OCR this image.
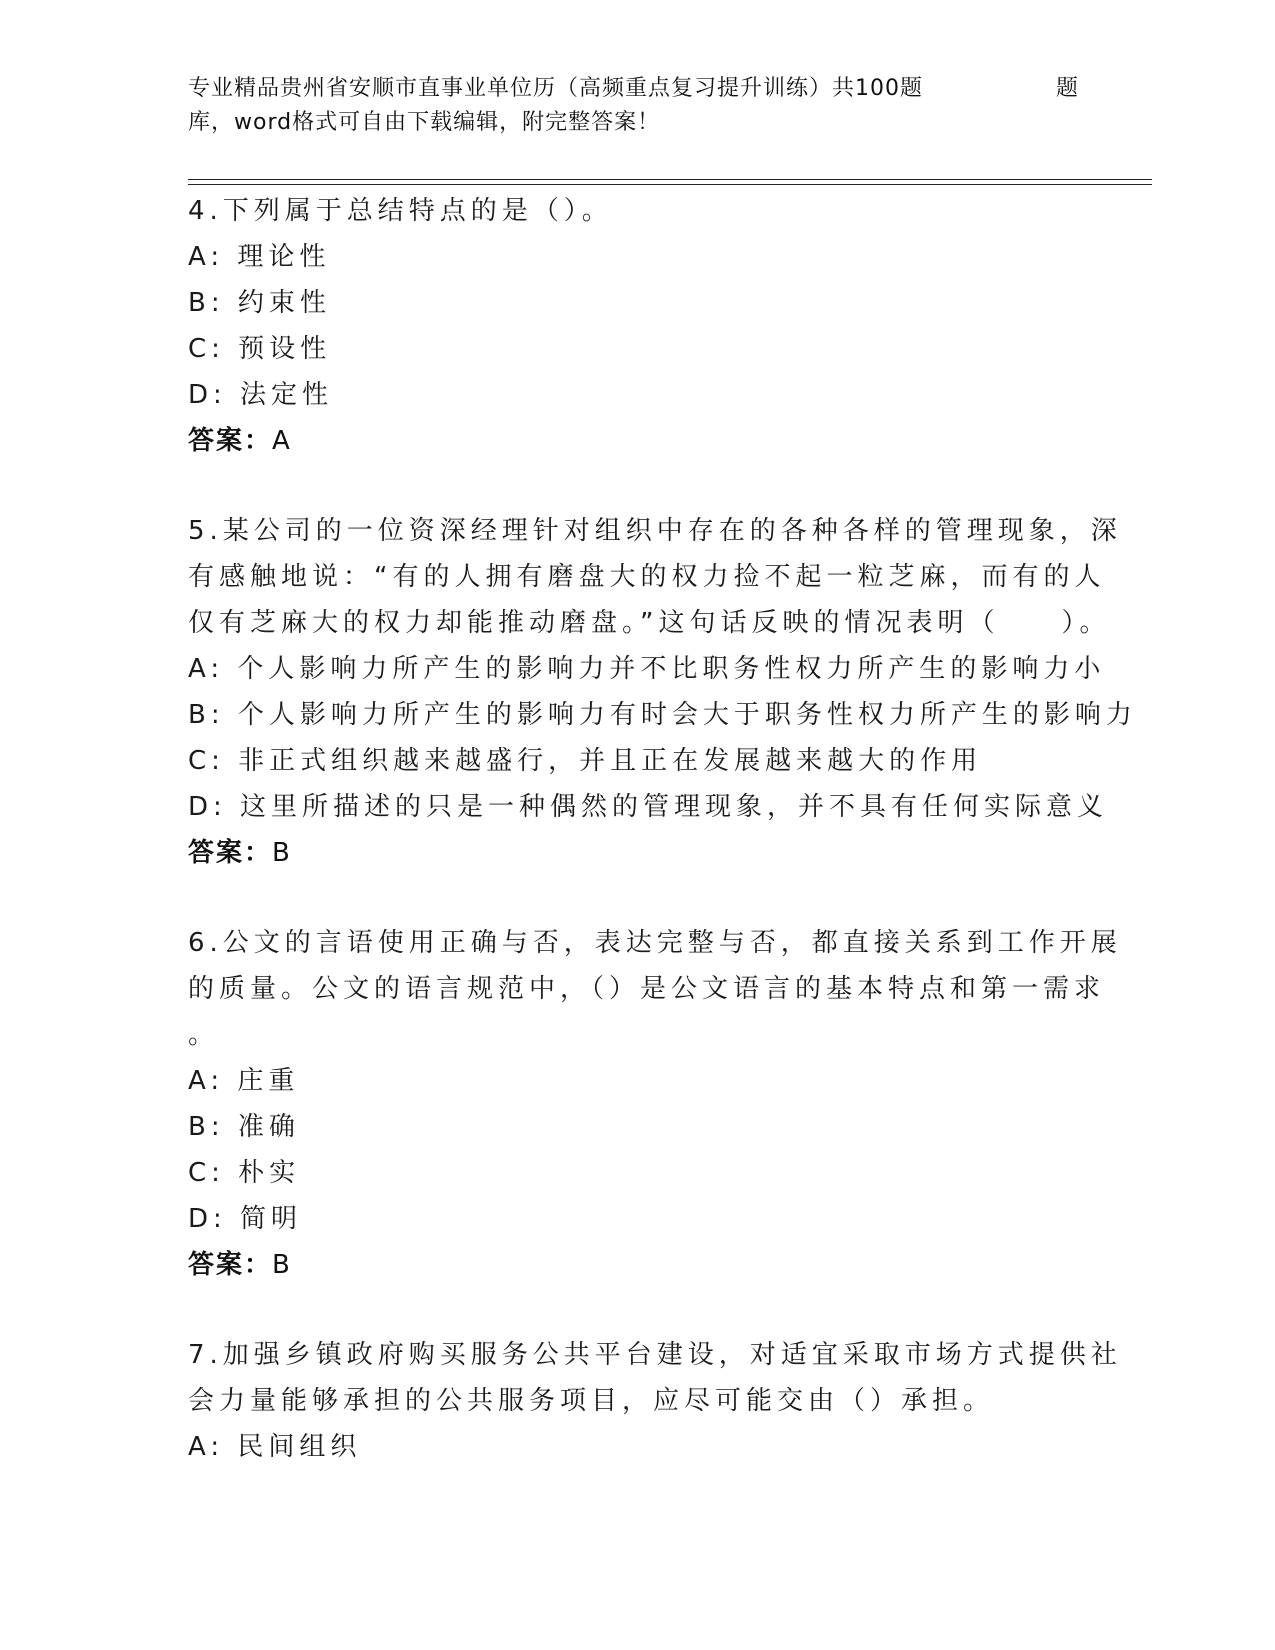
专业精品贵州省安顺市直事业单位历（高频重点复习提升训练）共100题	题
库，word格式可自由下载编辑，附完整答案！
4.下列属于总结特点的是（）。
A: 理论性
B: 约束性
C: 预设性
D: 法定性
答案：A
5.某公司的一位资深经理针对组织中存在的各种各样的管理现象，深
有感触地说：“有的人拥有磨盘大的权力捡不起一粒芝麻，而有的人
仅有芝麻大的权力却能推动磨盘。”这句话反映的情况表明（　　）。
A: 个人影响力所产生的影响力并不比职务性权力所产生的影响力小
B: 个人影响力所产生的影响力有时会大于职务性权力所产生的影响力
C: 非正式组织越来越盛行，并且正在发展越来越大的作用
D: 这里所描述的只是一种偶然的管理现象，并不具有任何实际意义
答案：B
6.公文的言语使用正确与否，表达完整与否，都直接关系到工作开展
的质量。公文的语言规范中，（）是公文语言的基本特点和第一需求
。
A: 庄重
B: 准确
C: 朴实
D: 简明
答案：B
7.加强乡镇政府购买服务公共平台建设，对适宜采取市场方式提供社
会力量能够承担的公共服务项目，应尽可能交由（）承担。
A: 民间组织
